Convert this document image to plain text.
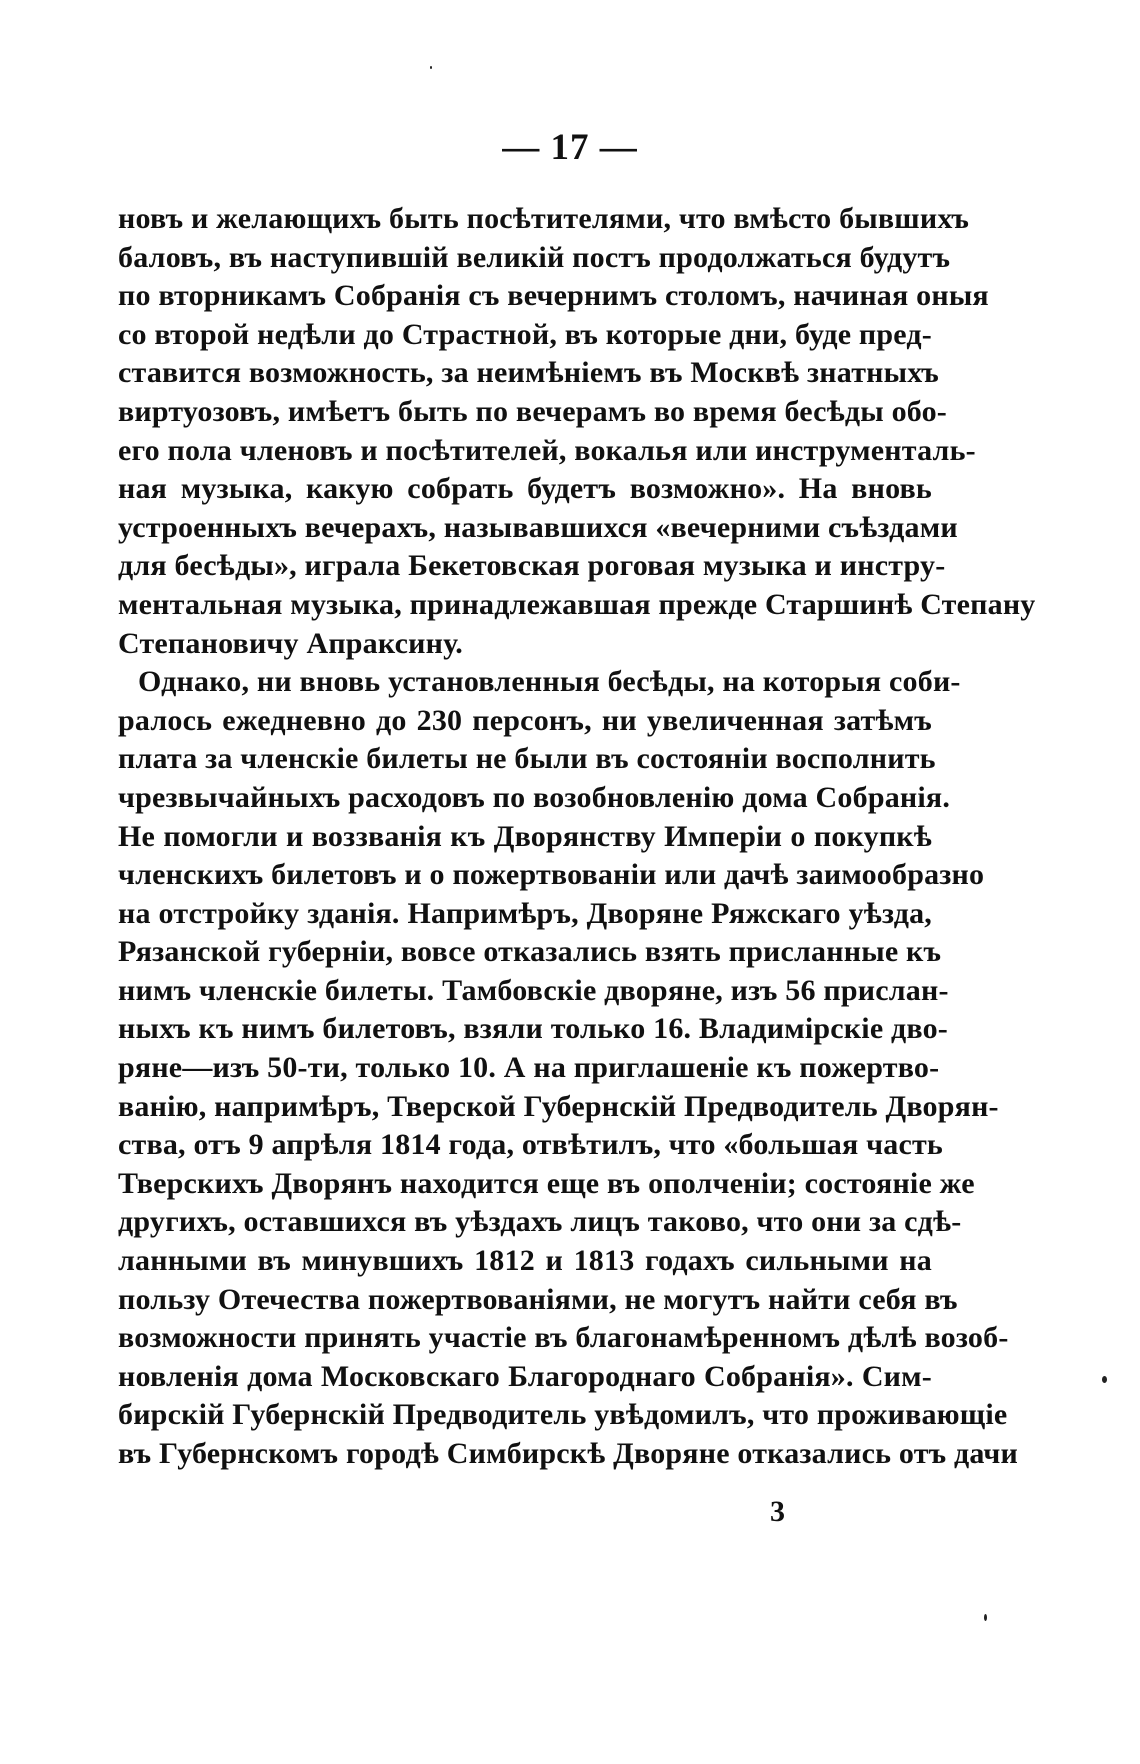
— 17 —
новъ и желающихъ быть посѣтителями, что вмѣсто бывшихъ
баловъ, въ наступившій великій постъ продолжаться будутъ
по вторникамъ Собранія съ вечернимъ столомъ, начиная оныя
со второй недѣли до Страстной, въ которые дни, буде пред-
ставится возможность, за неимѣніемъ въ Москвѣ знатныхъ
виртуозовъ, имѣетъ быть по вечерамъ во время бесѣды обо-
его пола членовъ и посѣтителей, вокалья или инструменталь-
ная музыка, какую собрать будетъ возможно». На вновь
устроенныхъ вечерахъ, называвшихся «вечерними съѣздами
для бесѣды», играла Бекетовская роговая музыка и инстру-
ментальная музыка, принадлежавшая прежде Старшинѣ Степану
Степановичу Апраксину.
Однако, ни вновь установленныя бесѣды, на которыя соби-
ралось ежедневно до 230 персонъ, ни увеличенная затѣмъ
плата за членскіе билеты не были въ состояніи восполнить
чрезвычайныхъ расходовъ по возобновленію дома Собранія.
Не помогли и воззванія къ Дворянству Имперіи о покупкѣ
членскихъ билетовъ и о пожертвованіи или дачѣ заимообразно
на отстройку зданія. Напримѣръ, Дворяне Ряжскаго уѣзда,
Рязанской губерніи, вовсе отказались взять присланные къ
нимъ членскіе билеты. Тамбовскіе дворяне, изъ 56 прислан-
ныхъ къ нимъ билетовъ, взяли только 16. Владимірскіе дво-
ряне—изъ 50-ти, только 10. А на приглашеніе къ пожертво-
ванію, напримѣръ, Тверской Губернскій Предводитель Дворян-
ства, отъ 9 апрѣля 1814 года, отвѣтилъ, что «большая часть
Тверскихъ Дворянъ находится еще въ ополченіи; состояніе же
другихъ, оставшихся въ уѣздахъ лицъ таково, что они за сдѣ-
ланными въ минувшихъ 1812 и 1813 годахъ сильными на
пользу Отечества пожертвованіями, не могутъ найти себя въ
возможности принять участіе въ благонамѣренномъ дѣлѣ возоб-
новленія дома Московскаго Благороднаго Собранія». Сим-
бирскій Губернскій Предводитель увѣдомилъ, что проживающіе
въ Губернскомъ городѣ Симбирскѣ Дворяне отказались отъ дачи
3
